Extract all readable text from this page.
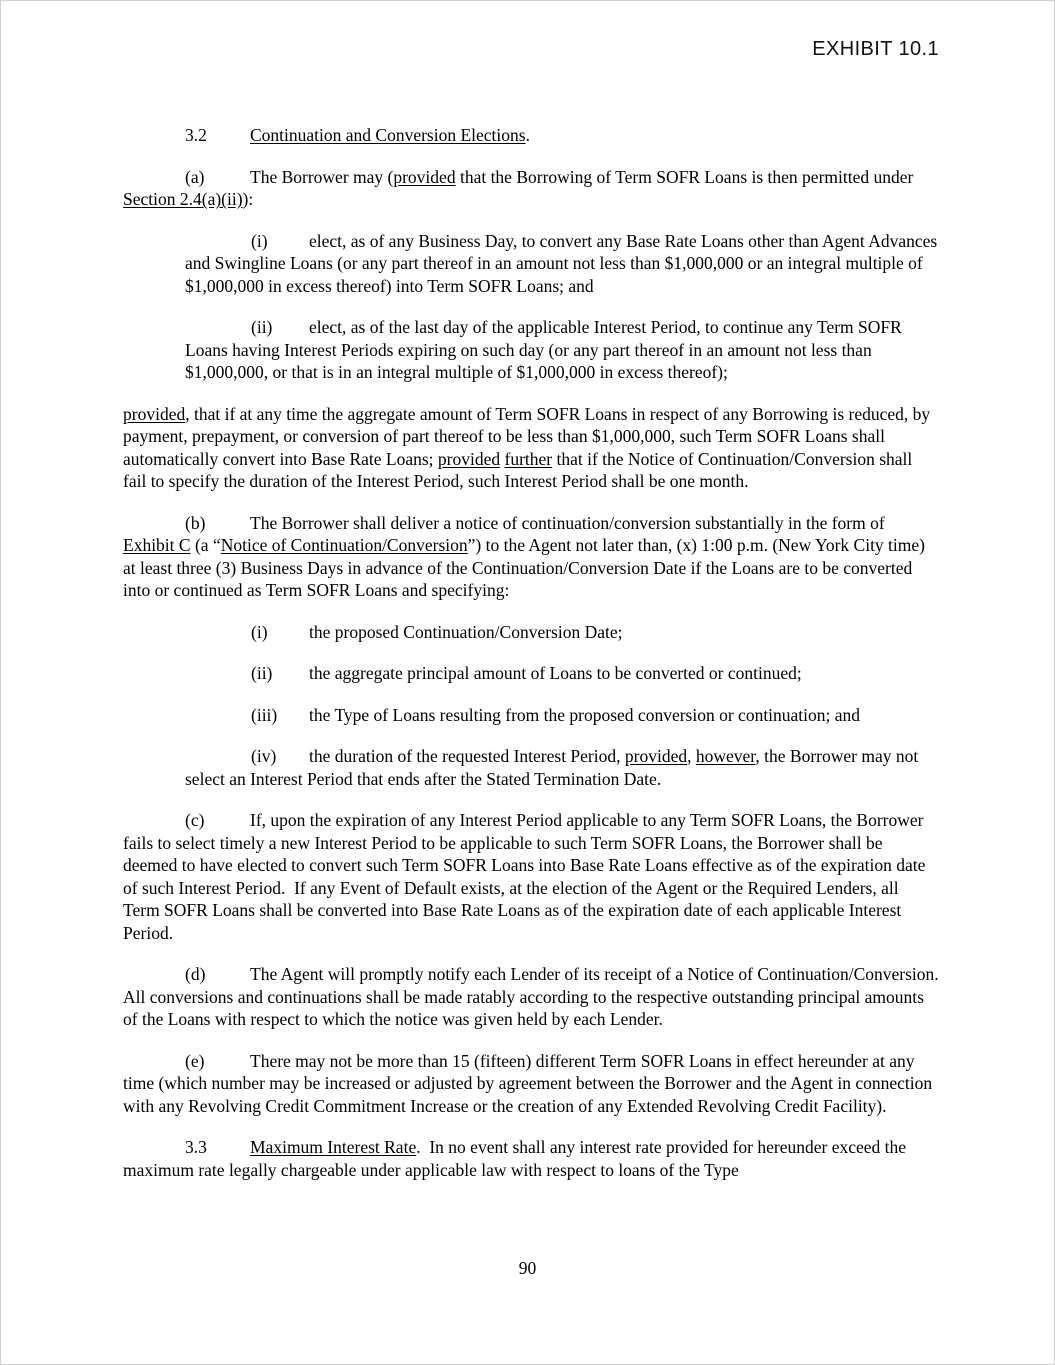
EXHIBIT 10.1

3.2 Continuation and Conversion Elections.

(a)	The Borrower may (provided that the Borrowing of Term SOFR Loans is then permitted under Section 2.4(a)(ii)):

(i) elect, as of any Business Day, to convert any Base Rate Loans other than Agent Advances and Swingline Loans (or any part thereof in an amount not less than $1,000,000 or an integral multiple of $1,000,000 in excess thereof) into Term SOFR Loans; and

(ii) elect, as of the last day of the applicable Interest Period, to continue any Term SOFR Loans having Interest Periods expiring on such day (or any part thereof in an amount not less than $1,000,000, or that is in an integral multiple of $1,000,000 in excess thereof);

provided, that if at any time the aggregate amount of Term SOFR Loans in respect of any Borrowing is reduced, by payment, prepayment, or conversion of part thereof to be less than $1,000,000, such Term SOFR Loans shall automatically convert into Base Rate Loans; provided further that if the Notice of Continuation/Conversion shall fail to specify the duration of the Interest Period, such Interest Period shall be one month.

(b)	The Borrower shall deliver a notice of continuation/conversion substantially in the form of Exhibit C (a “Notice of Continuation/Conversion”) to the Agent not later than, (x) 1:00 p.m. (New York City time) at least three (3) Business Days in advance of the Continuation/Conversion Date if the Loans are to be converted into or continued as Term SOFR Loans and specifying:

(i) the proposed Continuation/Conversion Date;

(ii) the aggregate principal amount of Loans to be converted or continued;

(iii) the Type of Loans resulting from the proposed conversion or continuation; and

(iv) the duration of the requested Interest Period, provided, however, the Borrower may not select an Interest Period that ends after the Stated Termination Date.

(c)	If, upon the expiration of any Interest Period applicable to any Term SOFR Loans, the Borrower fails to select timely a new Interest Period to be applicable to such Term SOFR Loans, the Borrower shall be deemed to have elected to convert such Term SOFR Loans into Base Rate Loans effective as of the expiration date of such Interest Period.  If any Event of Default exists, at the election of the Agent or the Required Lenders, all Term SOFR Loans shall be converted into Base Rate Loans as of the expiration date of each applicable Interest Period.

(d)	The Agent will promptly notify each Lender of its receipt of a Notice of Continuation/Conversion.  All conversions and continuations shall be made ratably according to the respective outstanding principal amounts of the Loans with respect to which the notice was given held by each Lender.

(e)	There may not be more than 15 (fifteen) different Term SOFR Loans in effect hereunder at any time (which number may be increased or adjusted by agreement between the Borrower and the Agent in connection with any Revolving Credit Commitment Increase or the creation of any Extended Revolving Credit Facility).

3.3 Maximum Interest Rate.  In no event shall any interest rate provided for hereunder exceed the maximum rate legally chargeable under applicable law with respect to loans of the Type

90
